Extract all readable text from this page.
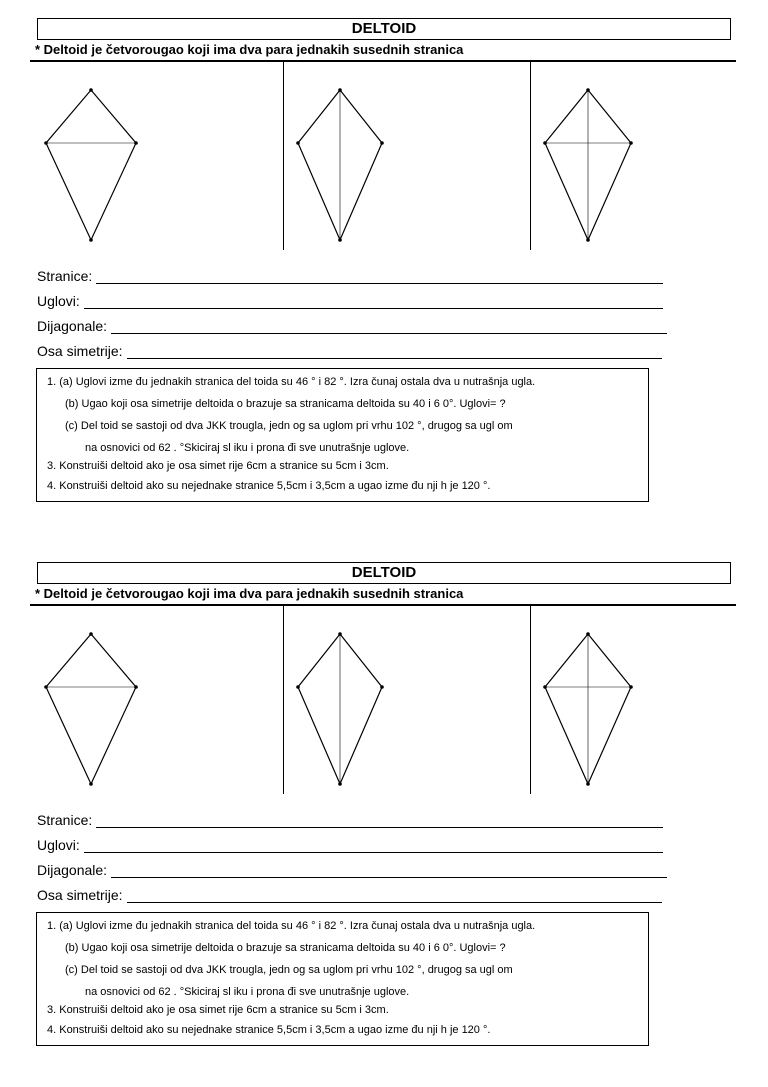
DELTOID
* Deltoid je četvorougao koji ima dva para jednakih susednih stranica
Stranice:
Uglovi:
Dijagonale:
Osa simetrije:
1. (a) Uglovi izme đu jednakih stranica del toida su 46 ° i 82 °. Izra čunaj ostala dva u nutrašnja ugla.
(b) Ugao koji osa simetrije deltoida o brazuje sa stranicama deltoida su 40 i 6 0°. Uglovi= ?
(c) Del toid se sastoji od dva JKK trougla, jedn og sa uglom pri vrhu 102 °, drugog sa ugl om
na osnovici od 62 . °Skiciraj sl iku i prona đi sve unutrašnje uglove.
3. Konstruiši deltoid ako je osa simet rije 6cm a stranice su 5cm i 3cm.
4. Konstruiši deltoid ako su nejednake stranice 5,5cm i 3,5cm a ugao izme đu nji h je 120 °.
DELTOID
* Deltoid je četvorougao koji ima dva para jednakih susednih stranica
Stranice:
Uglovi:
Dijagonale:
Osa simetrije:
1. (a) Uglovi izme đu jednakih stranica del toida su 46 ° i 82 °. Izra čunaj ostala dva u nutrašnja ugla.
(b) Ugao koji osa simetrije deltoida o brazuje sa stranicama deltoida su 40 i 6 0°. Uglovi= ?
(c) Del toid se sastoji od dva JKK trougla, jedn og sa uglom pri vrhu 102 °, drugog sa ugl om
na osnovici od 62 . °Skiciraj sl iku i prona đi sve unutrašnje uglove.
3. Konstruiši deltoid ako je osa simet rije 6cm a stranice su 5cm i 3cm.
4. Konstruiši deltoid ako su nejednake stranice 5,5cm i 3,5cm a ugao izme đu nji h je 120 °.
